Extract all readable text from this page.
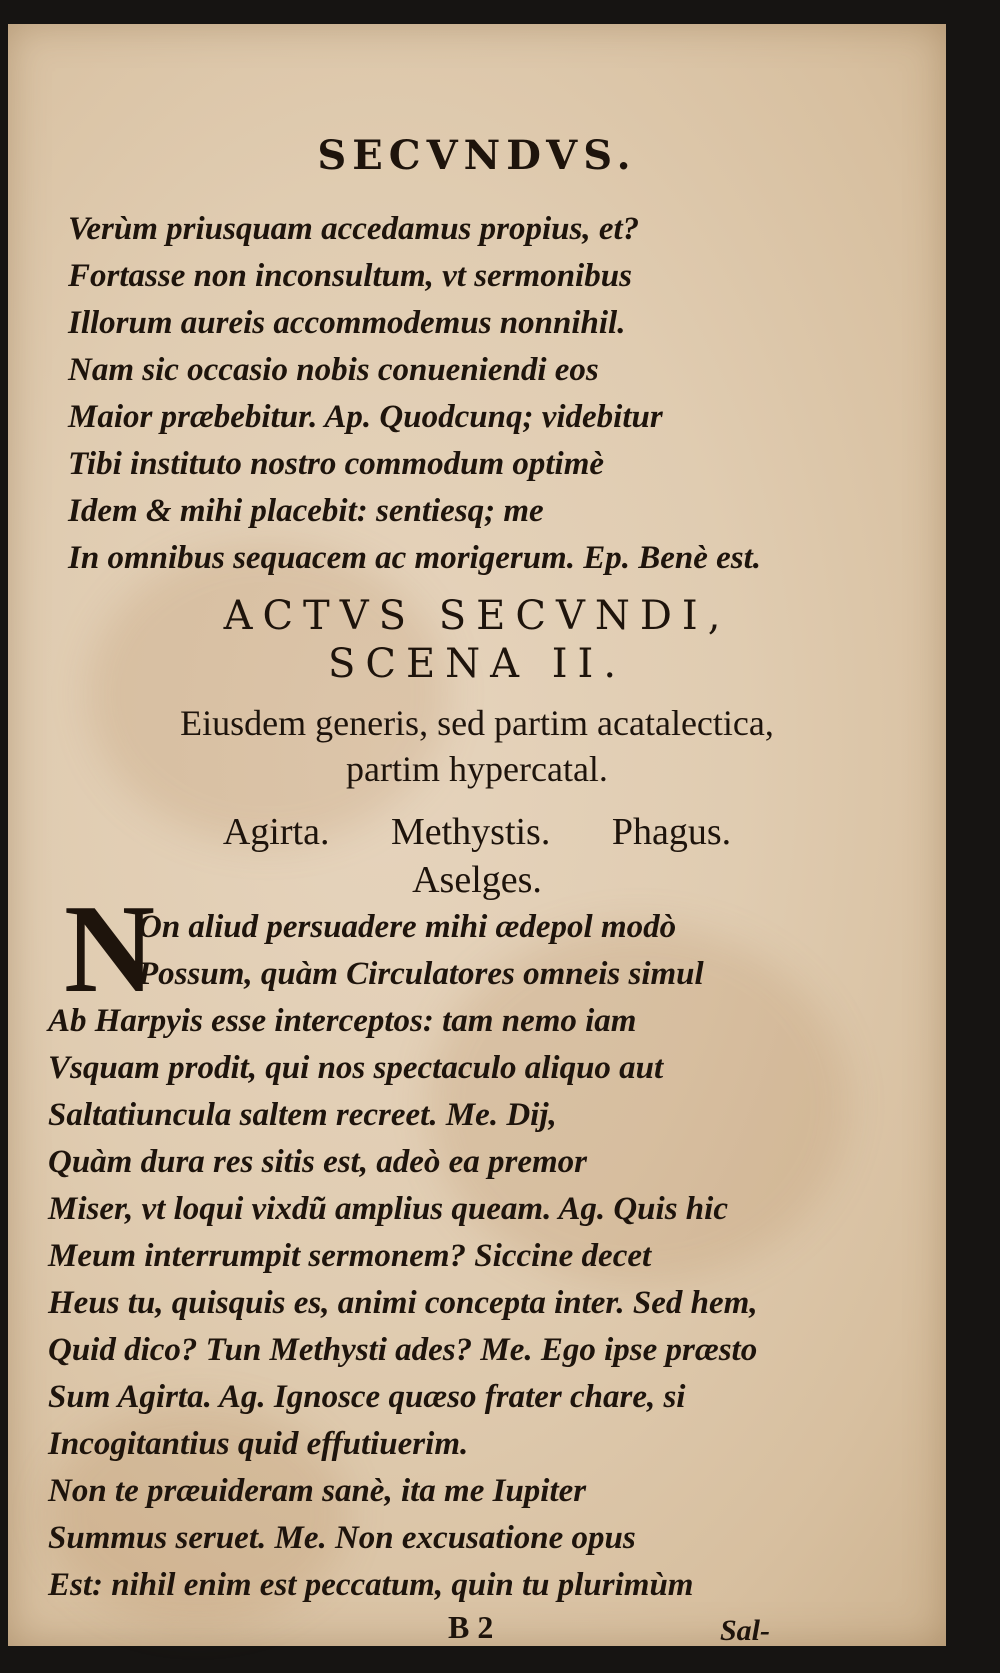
SECVNDVS.
Verùm priusquam accedamus propius, et?
Fortasse non inconsultum, vt sermonibus
Illorum aureis accommodemus nonnihil.
Nam sic occasio nobis conueniendi eos
Maior præbebitur. Ap. Quodcunq; videbitur
Tibi instituto nostro commodum optimè
Idem & mihi placebit: sentiesq; me
In omnibus sequacem ac morigerum. Ep. Benè est.
ACTVS SECVNDI,
SCENA II.
Eiusdem generis, sed partim acatalectica,
partim hypercatal.
Agirta. Methystis. Phagus.
Aselges.
N
On aliud persuadere mihi ædepol modò
Possum, quàm Circulatores omneis simul
Ab Harpyis esse interceptos: tam nemo iam
Vsquam prodit, qui nos spectaculo aliquo aut
Saltatiuncula saltem recreet. Me. Dij,
Quàm dura res sitis est, adeò ea premor
Miser, vt loqui vixdũ amplius queam. Ag. Quis hic
Meum interrumpit sermonem? Siccine decet
Heus tu, quisquis es, animi concepta inter. Sed hem,
Quid dico? Tun Methysti ades? Me. Ego ipse præsto
Sum Agirta. Ag. Ignosce quæso frater chare, si
Incogitantius quid effutiuerim.
Non te præuideram sanè, ita me Iupiter
Summus seruet. Me. Non excusatione opus
Est: nihil enim est peccatum, quin tu plurimùm
B 2	Sal-
